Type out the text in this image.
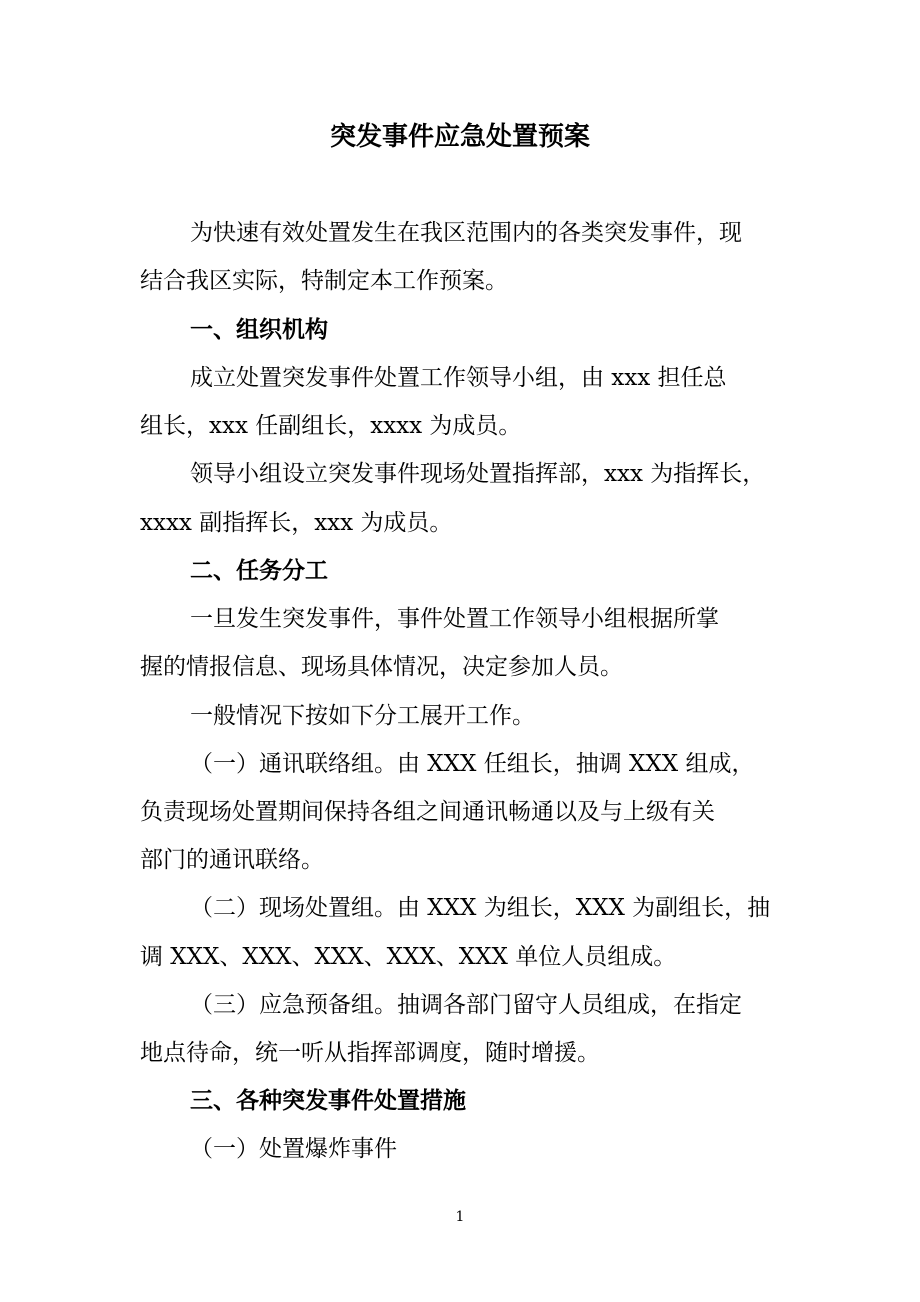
突发事件应急处置预案
为快速有效处置发生在我区范围内的各类突发事件，现
结合我区实际，特制定本工作预案。
一、组织机构
成立处置突发事件处置工作领导小组，由 xxx 担任总
组长，xxx 任副组长，xxxx 为成员。
领导小组设立突发事件现场处置指挥部，xxx 为指挥长，
xxxx 副指挥长，xxx 为成员。
二、任务分工
一旦发生突发事件，事件处置工作领导小组根据所掌
握的情报信息、现场具体情况，决定参加人员。
一般情况下按如下分工展开工作。
（一）通讯联络组。由 XXX 任组长，抽调 XXX 组成，
负责现场处置期间保持各组之间通讯畅通以及与上级有关
部门的通讯联络。
（二）现场处置组。由 XXX 为组长，XXX 为副组长，抽
调 XXX、XXX、XXX、XXX、XXX 单位人员组成。
（三）应急预备组。抽调各部门留守人员组成，在指定
地点待命，统一听从指挥部调度，随时增援。
三、各种突发事件处置措施
（一）处置爆炸事件
1
